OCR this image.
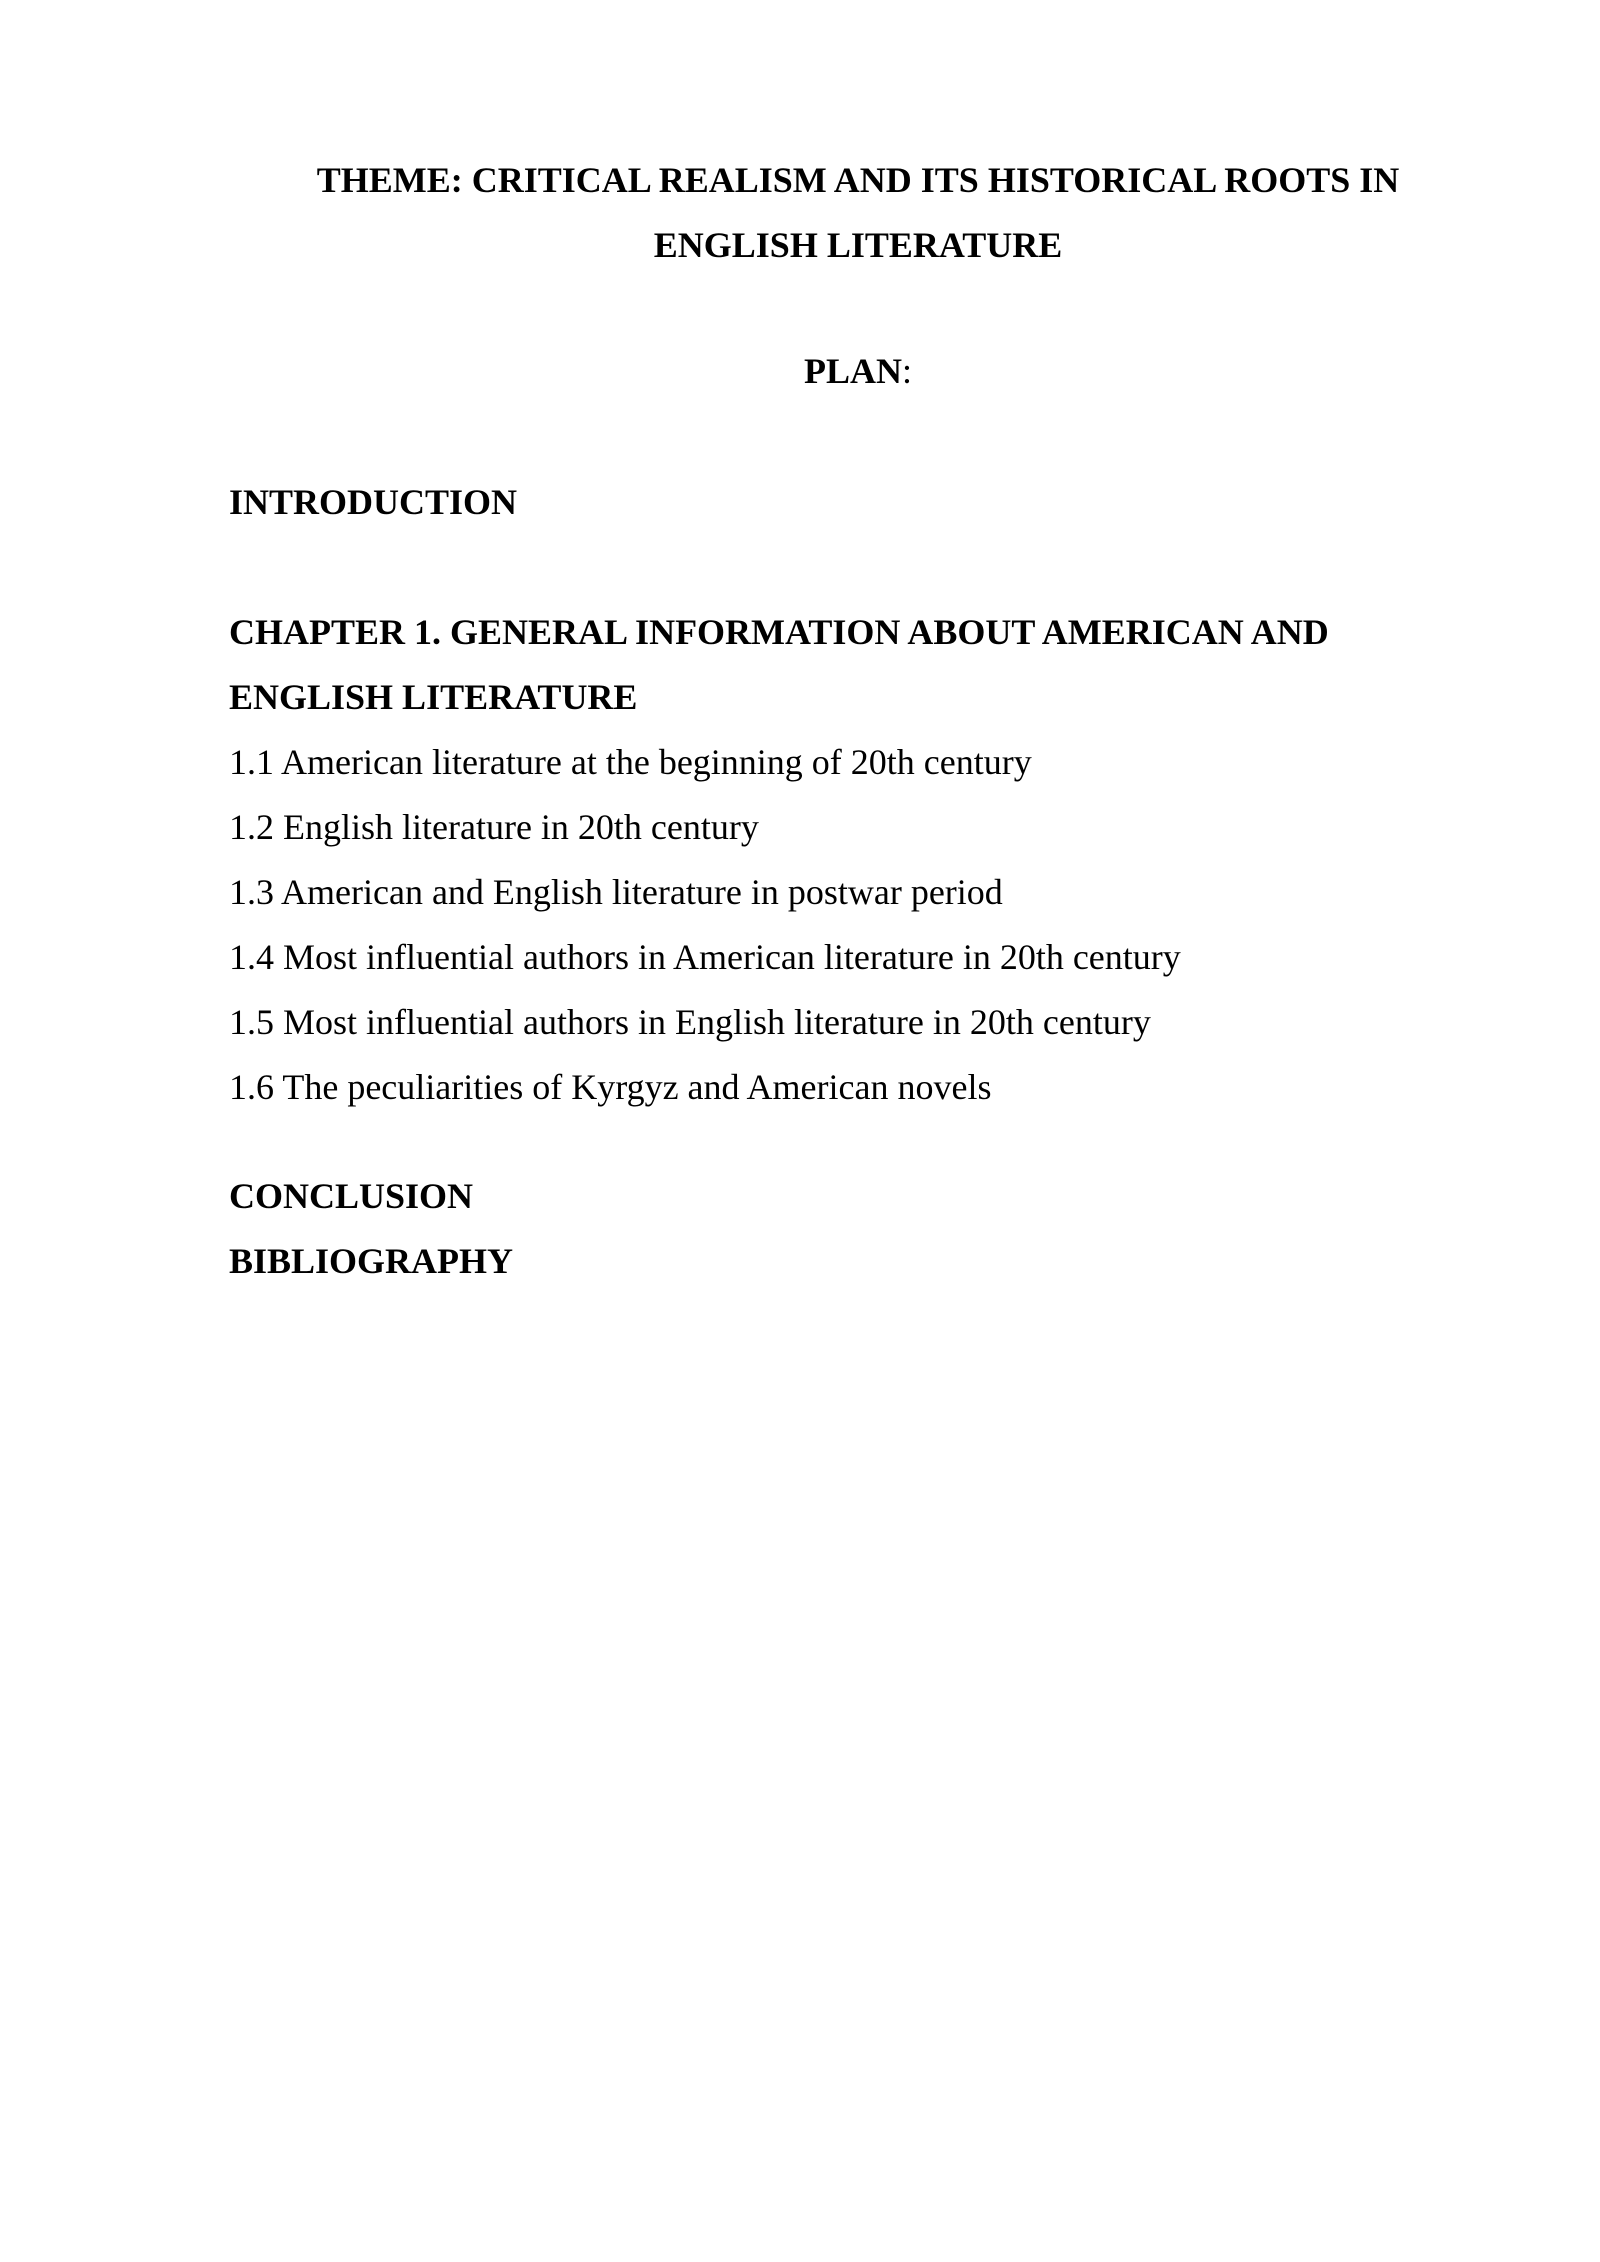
THEME: CRITICAL REALISM AND ITS HISTORICAL ROOTS IN
ENGLISH LITERATURE
PLAN:
INTRODUCTION
CHAPTER 1. GENERAL INFORMATION ABOUT AMERICAN AND
ENGLISH LITERATURE
1.1 American literature at the beginning of 20th century
1.2 English literature in 20th century
1.3 American and English literature in postwar period
1.4 Most influential authors in American literature in 20th century
1.5 Most influential authors in English literature in 20th century
1.6 The peculiarities of Kyrgyz and American novels
CONCLUSION
BIBLIOGRAPHY
